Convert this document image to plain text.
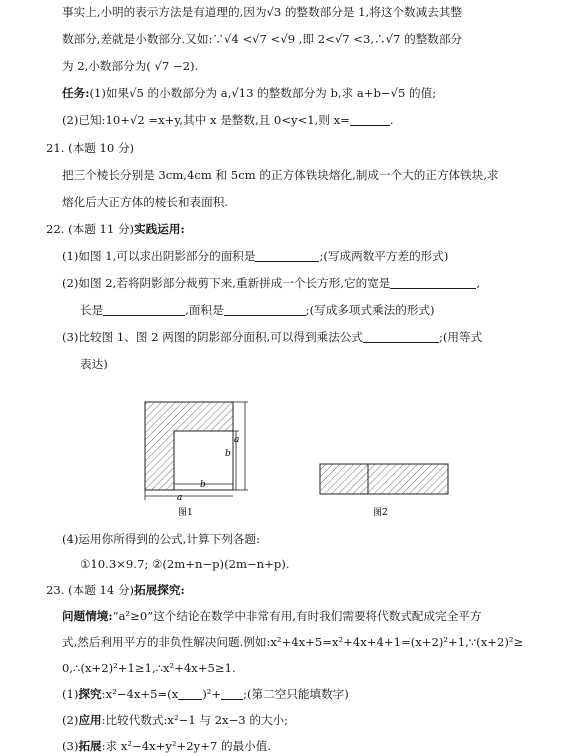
事实上,小明的表示方法是有道理的,因为√3 的整数部分是 1,将这个数减去其整
数部分,差就是小数部分.又如:∵√4 <√7 <√9 ,即 2<√7 <3,∴√7 的整数部分
为 2,小数部分为( √7 −2).
任务:(1)如果√5 的小数部分为 a,√13 的整数部分为 b,求 a+b−√5 的值;
(2)已知:10+√2 =x+y,其中 x 是整数,且 0<y<1,则 x=	.
21. (本题 10 分)
把三个棱长分别是 3cm,4cm 和 5cm 的正方体铁块熔化,制成一个大的正方体铁块,求
熔化后大正方体的棱长和表面积.
22. (本题 11 分)实践运用:
(1)如图 1,可以求出阴影部分的面积是	;(写成两数平方差的形式)
(2)如图 2,若将阴影部分裁剪下来,重新拼成一个长方形,它的宽是	,
长是	,面积是	;(写成多项式乘法的形式)
(3)比较图 1、图 2 两图的阴影部分面积,可以得到乘法公式	;(用等式
表达)
a
b
b
a
图1	图2
(4)运用你所得到的公式,计算下列各题:
①10.3×9.7; ②(2m+n−p)(2m−n+p).
23. (本题 14 分)拓展探究:
问题情境:“a²≥0”这个结论在数学中非常有用,有时我们需要将代数式配成完全平方
式,然后利用平方的非负性解决问题.例如:x²+4x+5=x²+4x+4+1=(x+2)²+1,∵(x+2)²≥
0,∴(x+2)²+1≥1,∴x²+4x+5≥1.
(1)探究:x²−4x+5=(x )²+ ;(第二空只能填数字)
(2)应用:比较代数式:x²−1 与 2x−3 的大小;
(3)拓展:求 x²−4x+y²+2y+7 的最小值.
